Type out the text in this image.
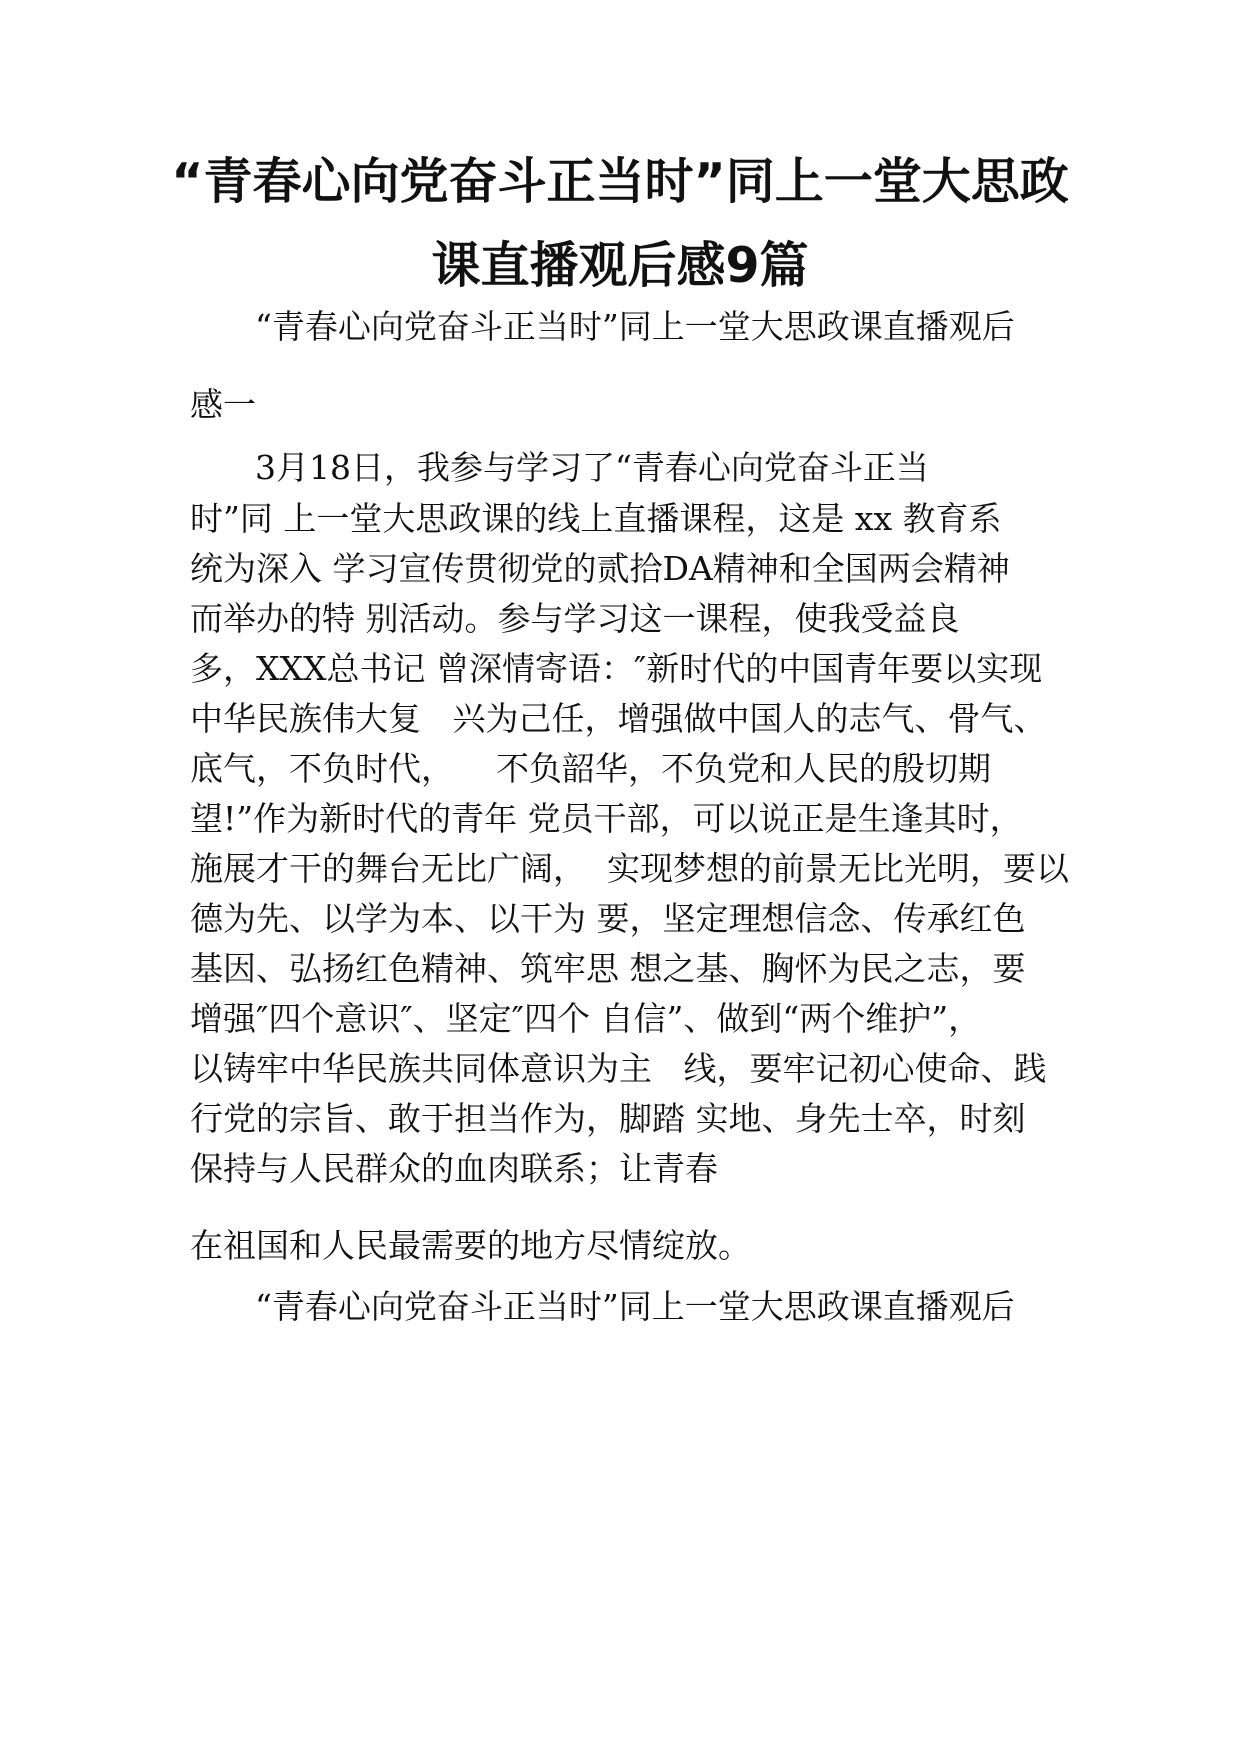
“青春心向党奋斗正当时”同上一堂大思政
课直播观后感9篇
“青春心向党奋斗正当时”同上一堂大思政课直播观后
感一
3月18日，我参与学习了“青春心向党奋斗正当
时”同 上一堂大思政课的线上直播课程，这是 xx 教育系
统为深入 学习宣传贯彻党的贰拾DA精神和全国两会精神
而举办的特 别活动。参与学习这一课程，使我受益良
多，XXX总书记 曾深情寄语：″新时代的中国青年要以实现
中华民族伟大复   兴为己任，增强做中国人的志气、骨气、
底气，不负时代，    不负韶华，不负党和人民的殷切期
望!”作为新时代的青年 党员干部，可以说正是生逢其时，
施展才干的舞台无比广阔，  实现梦想的前景无比光明，要以
德为先、以学为本、以干为 要，坚定理想信念、传承红色
基因、弘扬红色精神、筑牢思 想之基、胸怀为民之志，要
增强″四个意识″、坚定″四个 自信”、做到“两个维护”，
以铸牢中华民族共同体意识为主   线，要牢记初心使命、践
行党的宗旨、敢于担当作为，脚踏 实地、身先士卒，时刻
保持与人民群众的血肉联系；让青春
在祖国和人民最需要的地方尽情绽放。
“青春心向党奋斗正当时”同上一堂大思政课直播观后
